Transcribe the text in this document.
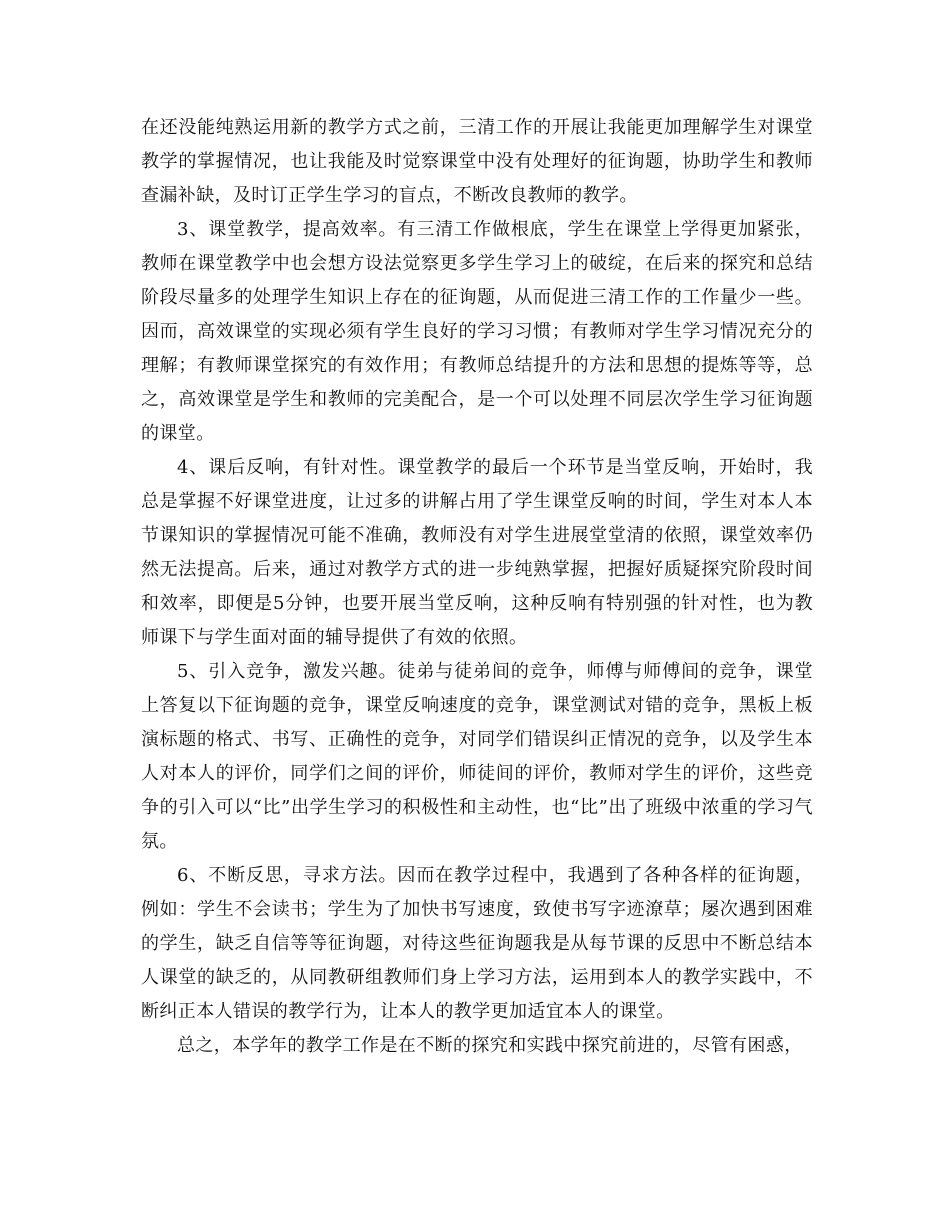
在还没能纯熟运用新的教学方式之前，三清工作的开展让我能更加理解学生对课堂教学的掌握情况，也让我能及时觉察课堂中没有处理好的征询题，协助学生和教师查漏补缺，及时订正学生学习的盲点，不断改良教师的教学。

3、课堂教学，提高效率。有三清工作做根底，学生在课堂上学得更加紧张，教师在课堂教学中也会想方设法觉察更多学生学习上的破绽，在后来的探究和总结阶段尽量多的处理学生知识上存在的征询题，从而促进三清工作的工作量少一些。因而，高效课堂的实现必须有学生良好的学习习惯；有教师对学生学习情况充分的理解；有教师课堂探究的有效作用；有教师总结提升的方法和思想的提炼等等，总之，高效课堂是学生和教师的完美配合，是一个可以处理不同层次学生学习征询题的课堂。

4、课后反响，有针对性。课堂教学的最后一个环节是当堂反响，开始时，我总是掌握不好课堂进度，让过多的讲解占用了学生课堂反响的时间，学生对本人本节课知识的掌握情况可能不准确，教师没有对学生进展堂堂清的依照，课堂效率仍然无法提高。后来，通过对教学方式的进一步纯熟掌握，把握好质疑探究阶段时间和效率，即便是5分钟，也要开展当堂反响，这种反响有特别强的针对性，也为教师课下与学生面对面的辅导提供了有效的依照。

5、引入竞争，激发兴趣。徒弟与徒弟间的竞争，师傅与师傅间的竞争，课堂上答复以下征询题的竞争，课堂反响速度的竞争，课堂测试对错的竞争，黑板上板演标题的格式、书写、正确性的竞争，对同学们错误纠正情况的竞争，以及学生本人对本人的评价，同学们之间的评价，师徒间的评价，教师对学生的评价，这些竞争的引入可以“比”出学生学习的积极性和主动性，也“比”出了班级中浓重的学习气氛。

6、不断反思，寻求方法。因而在教学过程中，我遇到了各种各样的征询题，例如：学生不会读书；学生为了加快书写速度，致使书写字迹潦草；屡次遇到困难的学生，缺乏自信等等征询题，对待这些征询题我是从每节课的反思中不断总结本人课堂的缺乏的，从同教研组教师们身上学习方法，运用到本人的教学实践中，不断纠正本人错误的教学行为，让本人的教学更加适宜本人的课堂。

总之，本学年的教学工作是在不断的探究和实践中探究前进的，尽管有困惑，
